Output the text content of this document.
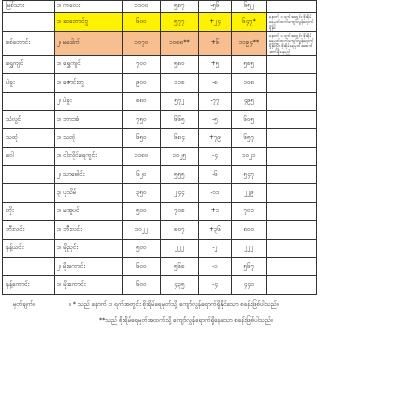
မြစ်သား	၁၊ ကလေး	၁၁၀၀	၅၈၇	-၅၆	၆၅၂	
	၁၊ ဆတောင်ဗွ	၆၀၀	၅၇၇	+၂၄	၆၄၇*	နောက် ၁ ရက်အတွင်း စိုးရိမ်ရေမှတ်ထက်ကျော်လွန်ရောက်ရှိနိုင်
စစ်တောင်း	၂၊ မဒေါက်	၁၀၇၀	၁၀၈၈**	+၆	၁၀၉၄**	နောက် ၁ ရက်အတွင်း စိုးရိမ်ရေမှတ်ထက်ကျော်လွန်ရောက်ရှိနိုင်ပြီး စိုးရိမ်ရေမှတ်အထက်ဆက်ရှိနေမည်
ရွှေကျင်	၁၊ ရွှေကျင်	၇၀၀	၅၈၀	+၅	၅၈၅	
ပဲခူး	၁၊ ဇောင်းတူ	၉၀၀	၁၁၈	-စ	၁၀၈	
	၂၊ ပဲခူး	၈၈၀	၅၇၂	-၇၇	၄၉၅	
သံလွင်	၁၊ ဘားအံ	၇၅၀	၆၆၅	-၅	၆၀၅	
သထုံ	၁၊ သထုံ	၆၅၀	၆၈၄	+၇၉	၆၅၇	
ဝေါ	၁၊ ငါးလိုင်ရေကွင်း	၁၁၈၀	၁၀၂၅	-၄	၁၀၂၁	
	၂၊ သာဓေါင်း	၆၂၀	၅၅၅	-၆	၅၄၇	
	၃၊ ပုသိမ်	၃၅၀	၂၄၄	-၁၁	၂၂၉	
တိုး	၁၊ မအူပင်	၅၀၀	၇၀၈	+၁	၇၀၁	
ဘီးလင်း	၁၊ ဘီးလင်း	၁၀၂၂	၈၀၇	+၃၆	၈၀၀	
နန့်ယင်း	၁၊ မိုညှင်း	၅၀၀	၂၂၂	-၂	၂၂၂	
	၂၊ မိုးကောင်း	၆၀၀	၅၆၈	-၁	၅၆၇	
နန့်ကောင်း	၁၊ မိုးကောင်း	၆၀၀	၄၃၅	-၄	၄၄၀	
မှတ်ချက်။	။ * သည် နောက် ၁ ရက်အတွင်း စိုးရိမ်ရေမှတ်သို့ ကျော်လွန်ရောက်ရှိနိုင်သော စခန်းဖြစ်ပါသည်။
**သည် စိုးရိမ်ရေမှတ်အထက်သို့ ကျော်လွန်ရောက်ရှိနေသော စခန်းဖြစ်ပါသည်။
